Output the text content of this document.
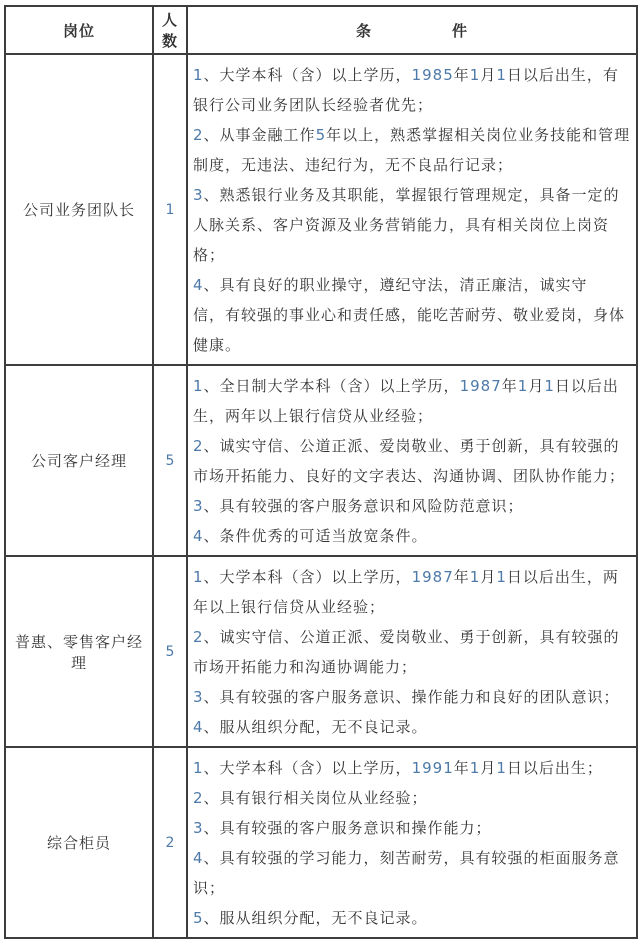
岗位	人数	条　　　　　件
公司业务团队长	1	1、大学本科（含）以上学历，1985年1月1日以后出生，有银行公司业务团队长经验者优先；

2、从事金融工作5年以上，熟悉掌握相关岗位业务技能和管理制度，无违法、违纪行为，无不良品行记录；

3、熟悉银行业务及其职能，掌握银行管理规定，具备一定的人脉关系、客户资源及业务营销能力，具有相关岗位上岗资格；

4、具有良好的职业操守，遵纪守法，清正廉洁，诚实守

信，有较强的事业心和责任感，能吃苦耐劳、敬业爱岗，身体健康。

公司客户经理	5	1、全日制大学本科（含）以上学历，1987年1月1日以后出生，两年以上银行信贷从业经验；

2、诚实守信、公道正派、爱岗敬业、勇于创新，具有较强的市场开拓能力、良好的文字表达、沟通协调、团队协作能力；

3、具有较强的客户服务意识和风险防范意识；

4、条件优秀的可适当放宽条件。

普惠、零售客户经理	5	1、大学本科（含）以上学历，1987年1月1日以后出生，两年以上银行信贷从业经验；

2、诚实守信、公道正派、爱岗敬业、勇于创新，具有较强的市场开拓能力和沟通协调能力；

3、具有较强的客户服务意识、操作能力和良好的团队意识；

4、服从组织分配，无不良记录。

综合柜员	2	1、大学本科（含）以上学历，1991年1月1日以后出生；

2、具有银行相关岗位从业经验；

3、具有较强的客户服务意识和操作能力；

4、具有较强的学习能力，刻苦耐劳，具有较强的柜面服务意识；

5、服从组织分配，无不良记录。
